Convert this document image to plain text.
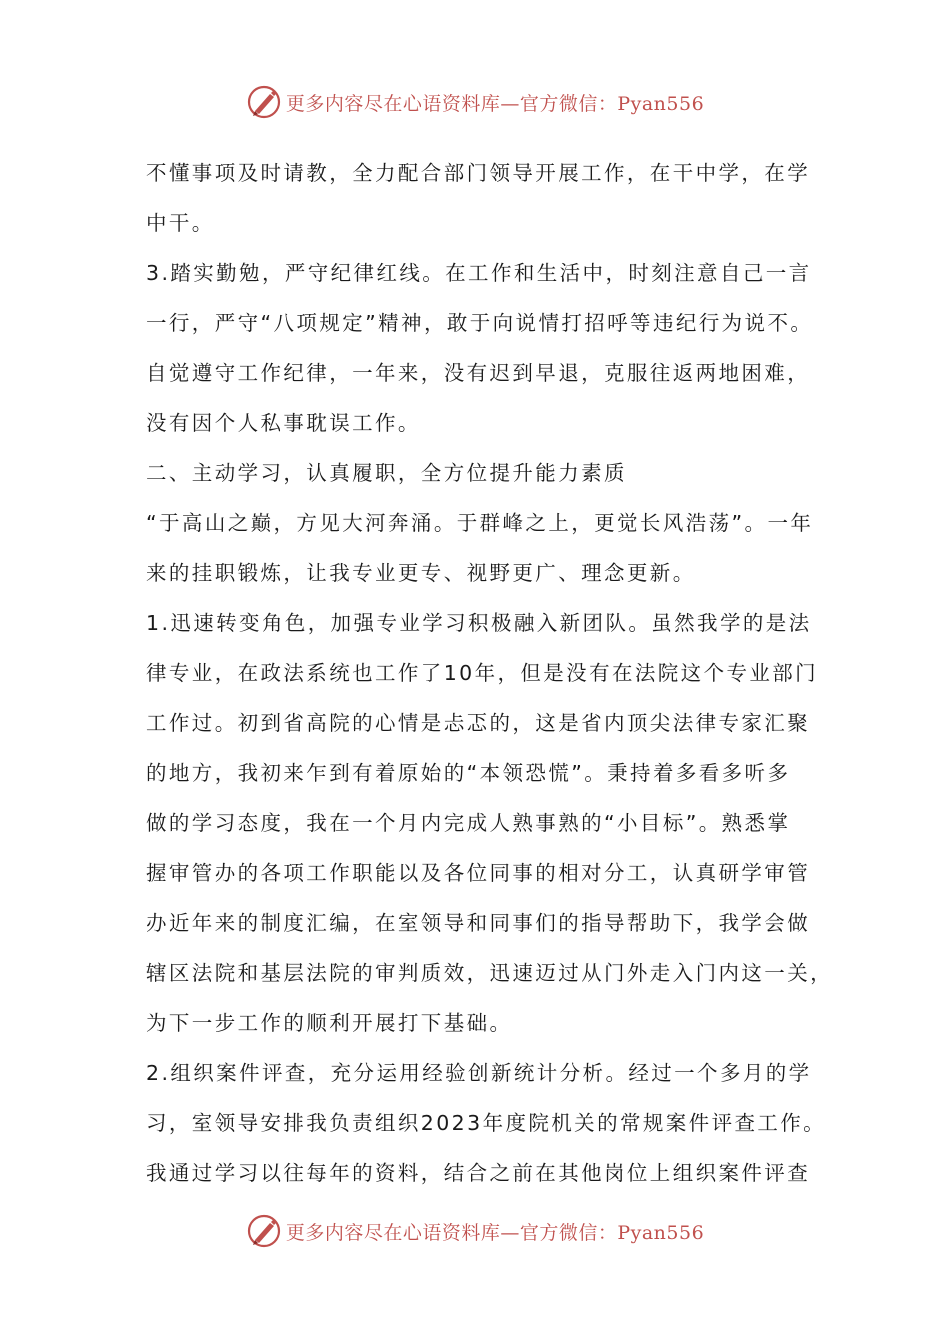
更多内容尽在心语资料库—官方微信：Pyan556
不懂事项及时请教，全力配合部门领导开展工作，在干中学，在学
中干。
3.踏实勤勉，严守纪律红线。在工作和生活中，时刻注意自己一言
一行，严守“八项规定”精神，敢于向说情打招呼等违纪行为说不。
自觉遵守工作纪律，一年来，没有迟到早退，克服往返两地困难，
没有因个人私事耽误工作。
二、主动学习，认真履职，全方位提升能力素质
“于高山之巅，方见大河奔涌。于群峰之上，更觉长风浩荡”。一年
来的挂职锻炼，让我专业更专、视野更广、理念更新。
1.迅速转变角色，加强专业学习积极融入新团队。虽然我学的是法
律专业，在政法系统也工作了10年，但是没有在法院这个专业部门
工作过。初到省高院的心情是忐忑的，这是省内顶尖法律专家汇聚
的地方，我初来乍到有着原始的“本领恐慌”。秉持着多看多听多
做的学习态度，我在一个月内完成人熟事熟的“小目标”。熟悉掌
握审管办的各项工作职能以及各位同事的相对分工，认真研学审管
办近年来的制度汇编，在室领导和同事们的指导帮助下，我学会做
辖区法院和基层法院的审判质效，迅速迈过从门外走入门内这一关，
为下一步工作的顺利开展打下基础。
2.组织案件评查，充分运用经验创新统计分析。经过一个多月的学
习，室领导安排我负责组织2023年度院机关的常规案件评查工作。
我通过学习以往每年的资料，结合之前在其他岗位上组织案件评查
更多内容尽在心语资料库—官方微信：Pyan556
